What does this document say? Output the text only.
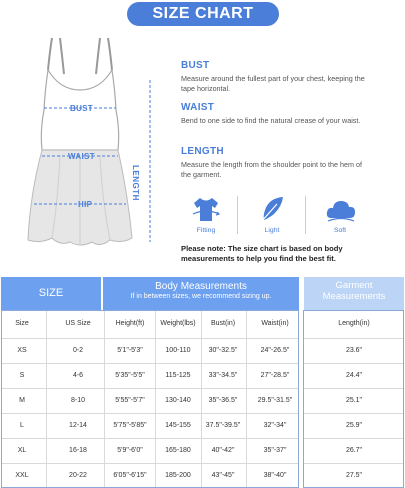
SIZE CHART
BUST
WAIST
HIP
LENGTH
BUST

Measure around the fullest part of your chest, keeping the tape horizontal.

WAIST

Bend to one side to find the natural crease of your waist.

LENGTH

Measure the length from the shoulder point to the hem of the garment.

Fitting	Light	Soft
Please note: The size chart is based on body measurements to help you find the best fit.
SIZE
Body Measurements
If in between sizes, we recommend sizing up.
Garment Measurements
Size	US Size	Height(ft)	Weight(lbs)	Bust(in)	Waist(in)	Length(in)
XS	0-2	5'1"-5'3"	100-110	30"-32.5"	24"-26.5"	23.6"
S	4-6	5'35"-5'5"	115-125	33"-34.5"	27"-28.5"	24.4"
M	8-10	5'55"-5'7"	130-140	35"-36.5"	29.5"-31.5"	25.1"
L	12-14	5'75"-5'85"	145-155	37.5"-39.5"	32"-34"	25.9"
XL	16-18	5'9"-6'0"	165-180	40"-42"	35"-37"	26.7"
XXL	20-22	6'05"-6'15"	185-200	43"-45"	38"-40"	27.5"
